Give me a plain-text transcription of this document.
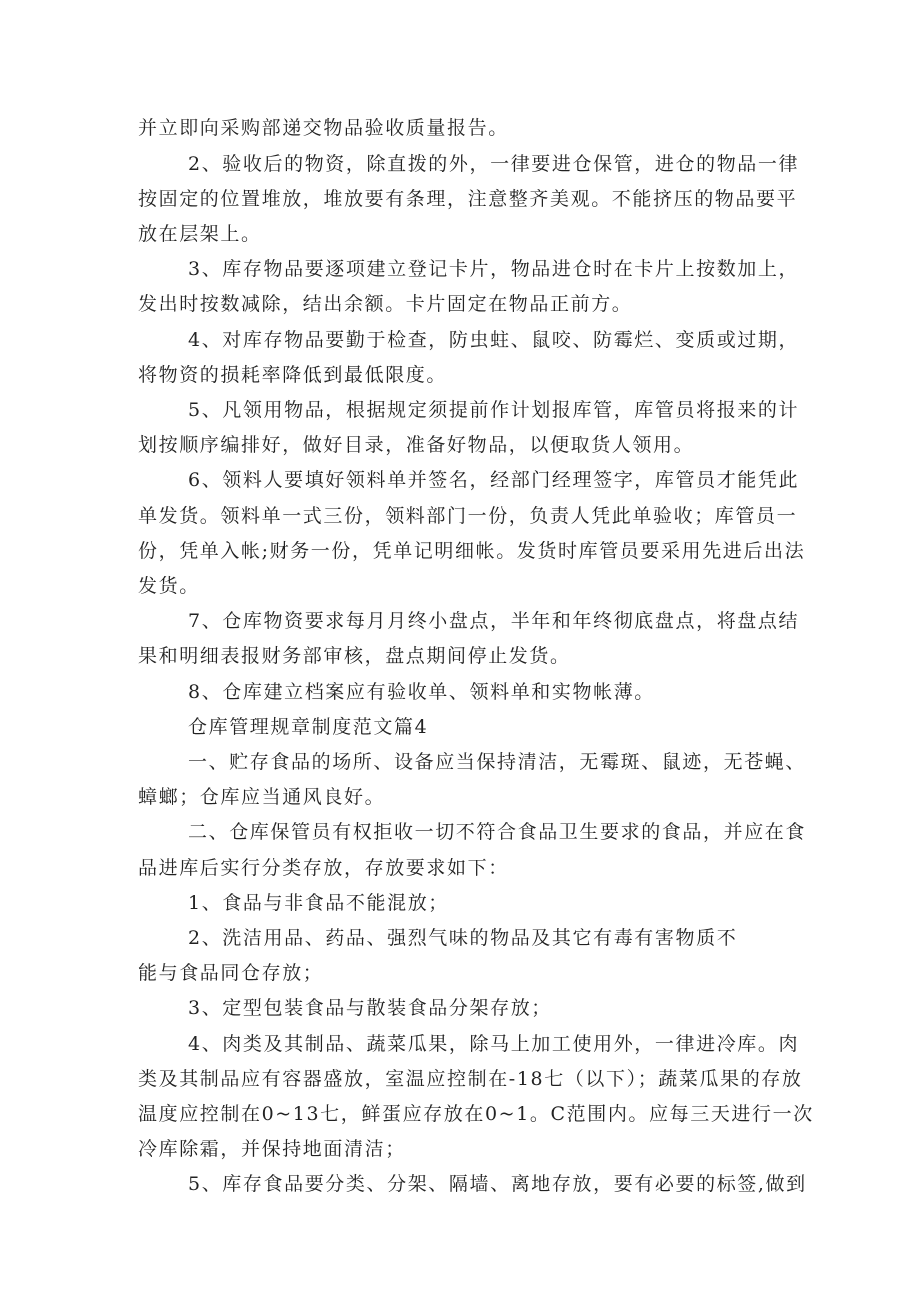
并立即向采购部递交物品验收质量报告。
2、验收后的物资，除直拨的外，一律要进仓保管，进仓的物品一律
按固定的位置堆放，堆放要有条理，注意整齐美观。不能挤压的物品要平
放在层架上。
3、库存物品要逐项建立登记卡片，物品进仓时在卡片上按数加上，
发出时按数减除，结出余额。卡片固定在物品正前方。
4、对库存物品要勤于检查，防虫蛀、鼠咬、防霉烂、变质或过期，
将物资的损耗率降低到最低限度。
5、凡领用物品，根据规定须提前作计划报库管，库管员将报来的计
划按顺序编排好，做好目录，准备好物品，以便取货人领用。
6、领料人要填好领料单并签名，经部门经理签字，库管员才能凭此
单发货。领料单一式三份，领料部门一份，负责人凭此单验收；库管员一
份，凭单入帐;财务一份，凭单记明细帐。发货时库管员要采用先进后出法
发货。
7、仓库物资要求每月月终小盘点，半年和年终彻底盘点，将盘点结
果和明细表报财务部审核，盘点期间停止发货。
8、仓库建立档案应有验收单、领料单和实物帐薄。
仓库管理规章制度范文篇4
一、贮存食品的场所、设备应当保持清洁，无霉斑、鼠迹，无苍蝇、
蟑螂；仓库应当通风良好。
二、仓库保管员有权拒收一切不符合食品卫生要求的食品，并应在食
品进库后实行分类存放，存放要求如下：
1、食品与非食品不能混放；
2、洗洁用品、药品、强烈气味的物品及其它有毒有害物质不
能与食品同仓存放；
3、定型包装食品与散装食品分架存放；
4、肉类及其制品、蔬菜瓜果，除马上加工使用外，一律进冷库。肉
类及其制品应有容器盛放，室温应控制在-18七（以下）；蔬菜瓜果的存放
温度应控制在0~13七，鲜蛋应存放在0~1。C范围内。应每三天进行一次
冷库除霜，并保持地面清洁；
5、库存食品要分类、分架、隔墙、离地存放，要有必要的标签,做到
